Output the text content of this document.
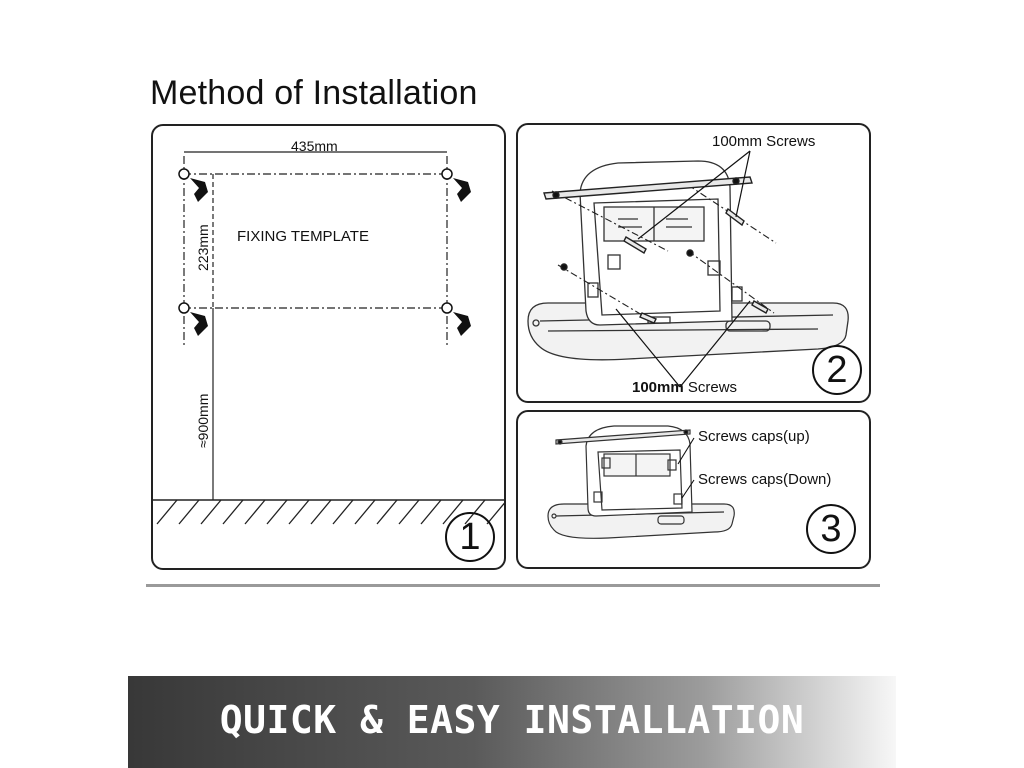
Method of Installation
435mm
223mm
≈900mm
FIXING TEMPLATE
1
100mm Screws
100mm Screws	2
Screws caps(up)
Screws caps(Down)
3
QUICK & EASY INSTALLATION
